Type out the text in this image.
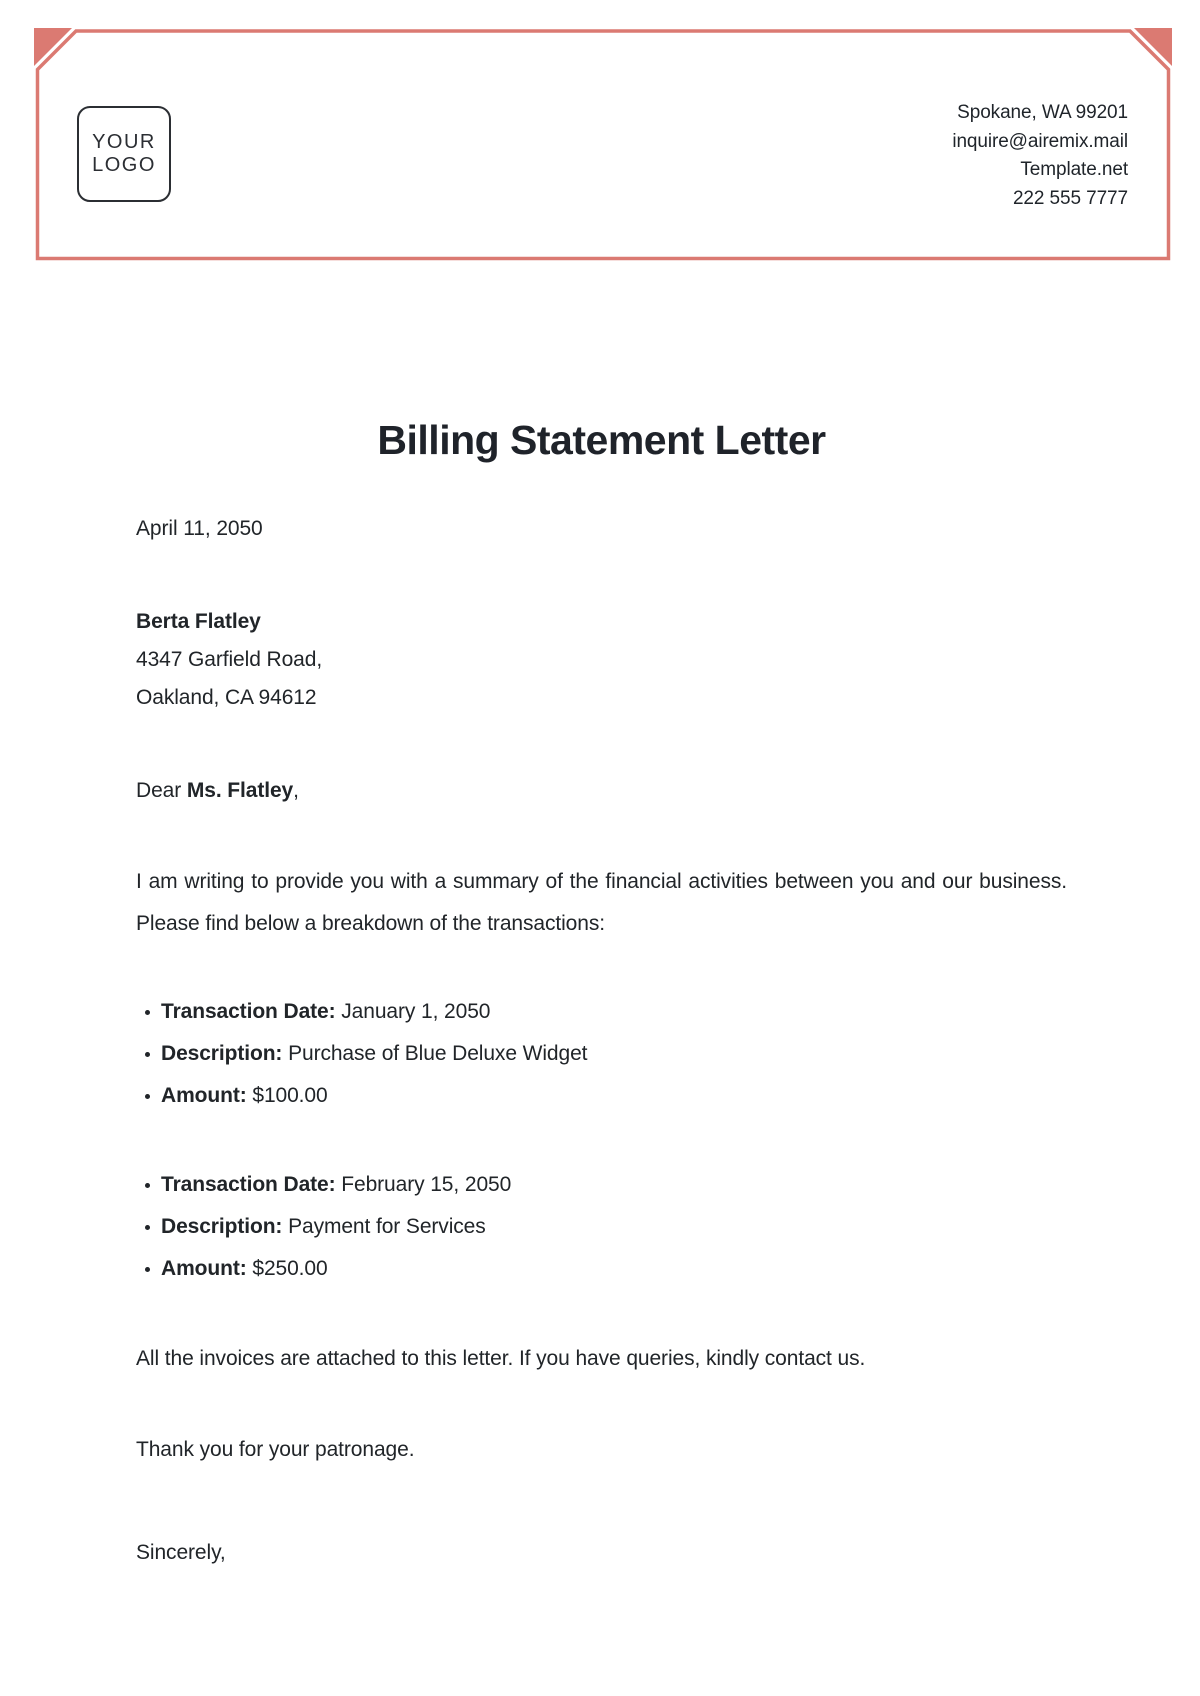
YOUR
LOGO
Spokane, WA 99201
inquire@airemix.mail
Template.net
222 555 7777
Billing Statement Letter

April 11, 2050

Berta Flatley

4347 Garfield Road,

Oakland, CA 94612

Dear Ms. Flatley,

I am writing to provide you with a summary of the financial activities between you and our business. Please find below a breakdown of the transactions:

Transaction Date: January 1, 2050
Description: Purchase of Blue Deluxe Widget
Amount: $100.00
Transaction Date: February 15, 2050
Description: Payment for Services
Amount: $250.00

All the invoices are attached to this letter. If you have queries, kindly contact us.

Thank you for your patronage.

Sincerely,
